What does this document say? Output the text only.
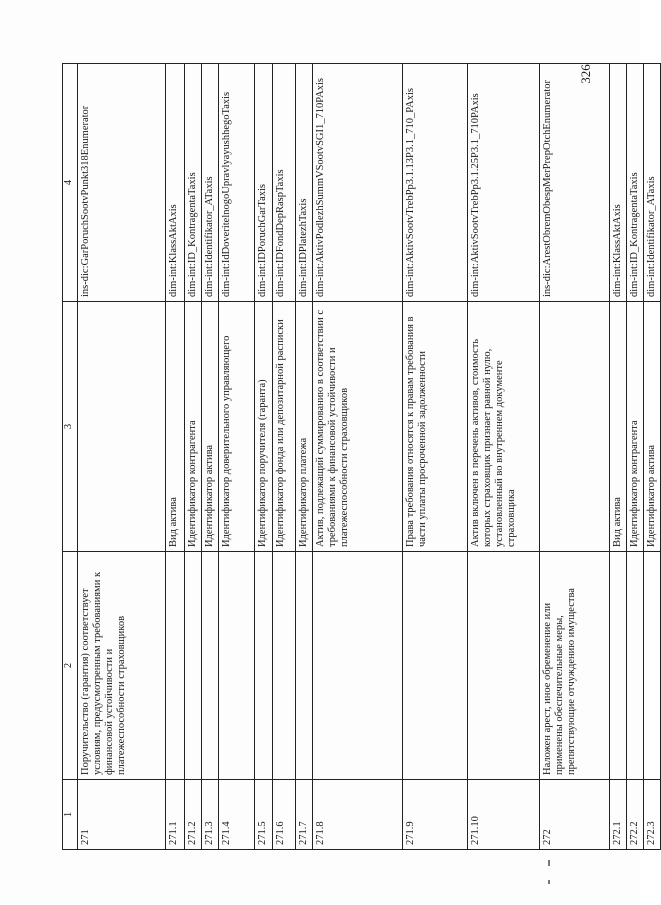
1	2	3	4
271	Поручительство (гарантия) соответствует условиям, предусмотренным требованиями к финансовой устойчивости и платежеспособности страховщиков		ins-dic:GarPoruchSootvPunkt318Enumerator
271.1		Вид актива	dim-int:KlassAktAxis
271.2		Идентификатор контрагента	dim-int:ID_KontragentaTaxis
271.3		Идентификатор актива	dim-int:Identifikator_ATaxis
271.4		Идентификатор доверительного управляющего	dim-int:IdDoveritelnogoUpravlyayushhegoTaxis
271.5		Идентификатор поручителя (гаранта)	dim-int:IDPoruchGarTaxis
271.6		Идентификатор фонда или депозитарной расписки	dim-int:IDFondDepRaspTaxis
271.7		Идентификатор платежа	dim-int:IDPlatezhTaxis
271.8		Актив, подлежащий суммированию в соответствии с требованиями к финансовой устойчивости и платежеспособности страховщиков	dim-int:AktivPodlezhSummVSootvSGI1_710PAxis
271.9		Права требования относятся к правам требования в части уплаты просроченной задолженности	dim-int:AktivSootvTrebPp3.1.13P3.1_710_PAxis
271.10		Актив включен в перечень активов, стоимость которых страховщик признает равной нулю, установленный во внутреннем документе страховщика	dim-int:AktivSootvTrebPp3.1.25P3.1_710PAxis
272	Наложен арест, иное обременение или применены обеспечительные меры, препятствующие отчуждению имущества		ins-dic:ArestObremObespMerPrepOtchEnumerator
272.1		Вид актива	dim-int:KlassAktAxis
272.2		Идентификатор контрагента	dim-int:ID_KontragentaTaxis
272.3		Идентификатор актива	dim-int:Identifikator_ATaxis
326
